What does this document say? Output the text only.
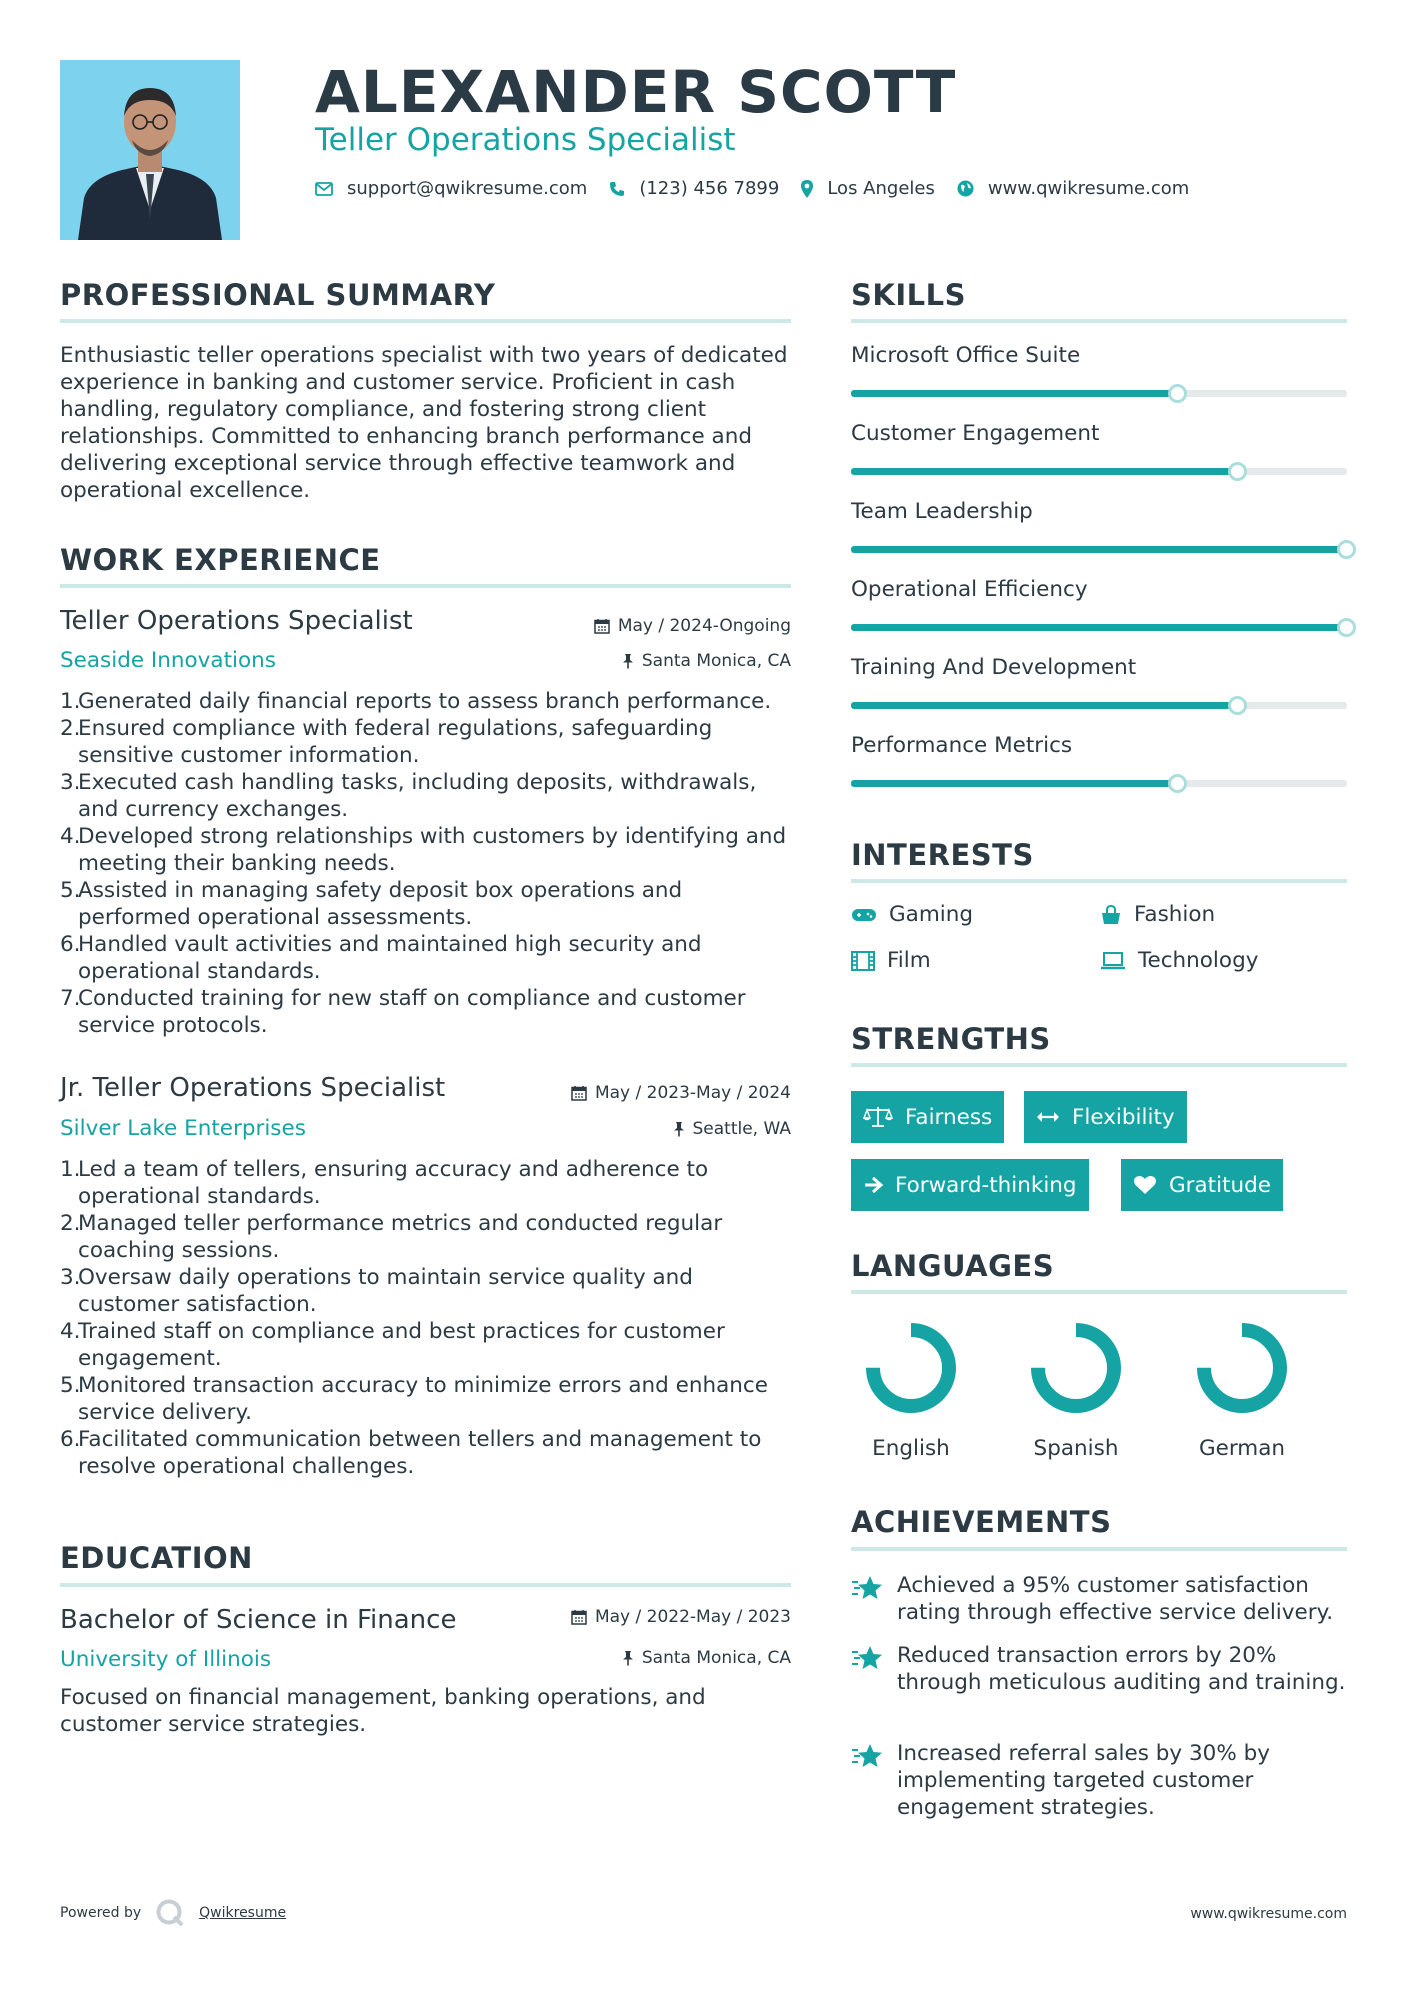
ALEXANDER SCOTT
Teller Operations Specialist
support@qwikresume.com	(123) 456 7899	Los Angeles	www.qwikresume.com
PROFESSIONAL SUMMARY
Enthusiastic teller operations specialist with two years of dedicated experience in banking and customer service. Proficient in cash handling, regulatory compliance, and fostering strong client relationships. Committed to enhancing branch performance and delivering exceptional service through effective teamwork and operational excellence.
WORK EXPERIENCE
Teller Operations Specialist	May / 2024-Ongoing
Seaside Innovations	Santa Monica, CA
1.
Generated daily financial reports to assess branch performance.
2.
Ensured compliance with federal regulations, safeguarding sensitive customer information.
3.
Executed cash handling tasks, including deposits, withdrawals, and currency exchanges.
4.
Developed strong relationships with customers by identifying and meeting their banking needs.
5.
Assisted in managing safety deposit box operations and performed operational assessments.
6.
Handled vault activities and maintained high security and operational standards.
7.
Conducted training for new staff on compliance and customer service protocols.
Jr. Teller Operations Specialist	May / 2023-May / 2024
Silver Lake Enterprises	Seattle, WA
1.
Led a team of tellers, ensuring accuracy and adherence to operational standards.
2.
Managed teller performance metrics and conducted regular coaching sessions.
3.
Oversaw daily operations to maintain service quality and customer satisfaction.
4.
Trained staff on compliance and best practices for customer engagement.
5.
Monitored transaction accuracy to minimize errors and enhance service delivery.
6.
Facilitated communication between tellers and management to resolve operational challenges.
EDUCATION
Bachelor of Science in Finance	May / 2022-May / 2023
University of Illinois	Santa Monica, CA
Focused on financial management, banking operations, and customer service strategies.
SKILLS
Microsoft Office Suite
Customer Engagement
Team Leadership
Operational Efficiency
Training And Development
Performance Metrics
INTERESTS
Gaming	Fashion
Film	Technology
STRENGTHS
Fairness	Flexibility
Forward-thinking	Gratitude
LANGUAGES
English	Spanish	German
ACHIEVEMENTS
Achieved a 95% customer satisfaction rating through effective service delivery.
Reduced transaction errors by 20% through meticulous auditing and training.
Increased referral sales by 30% by implementing targeted customer engagement strategies.
Powered by	Qwikresume	www.qwikresume.com
